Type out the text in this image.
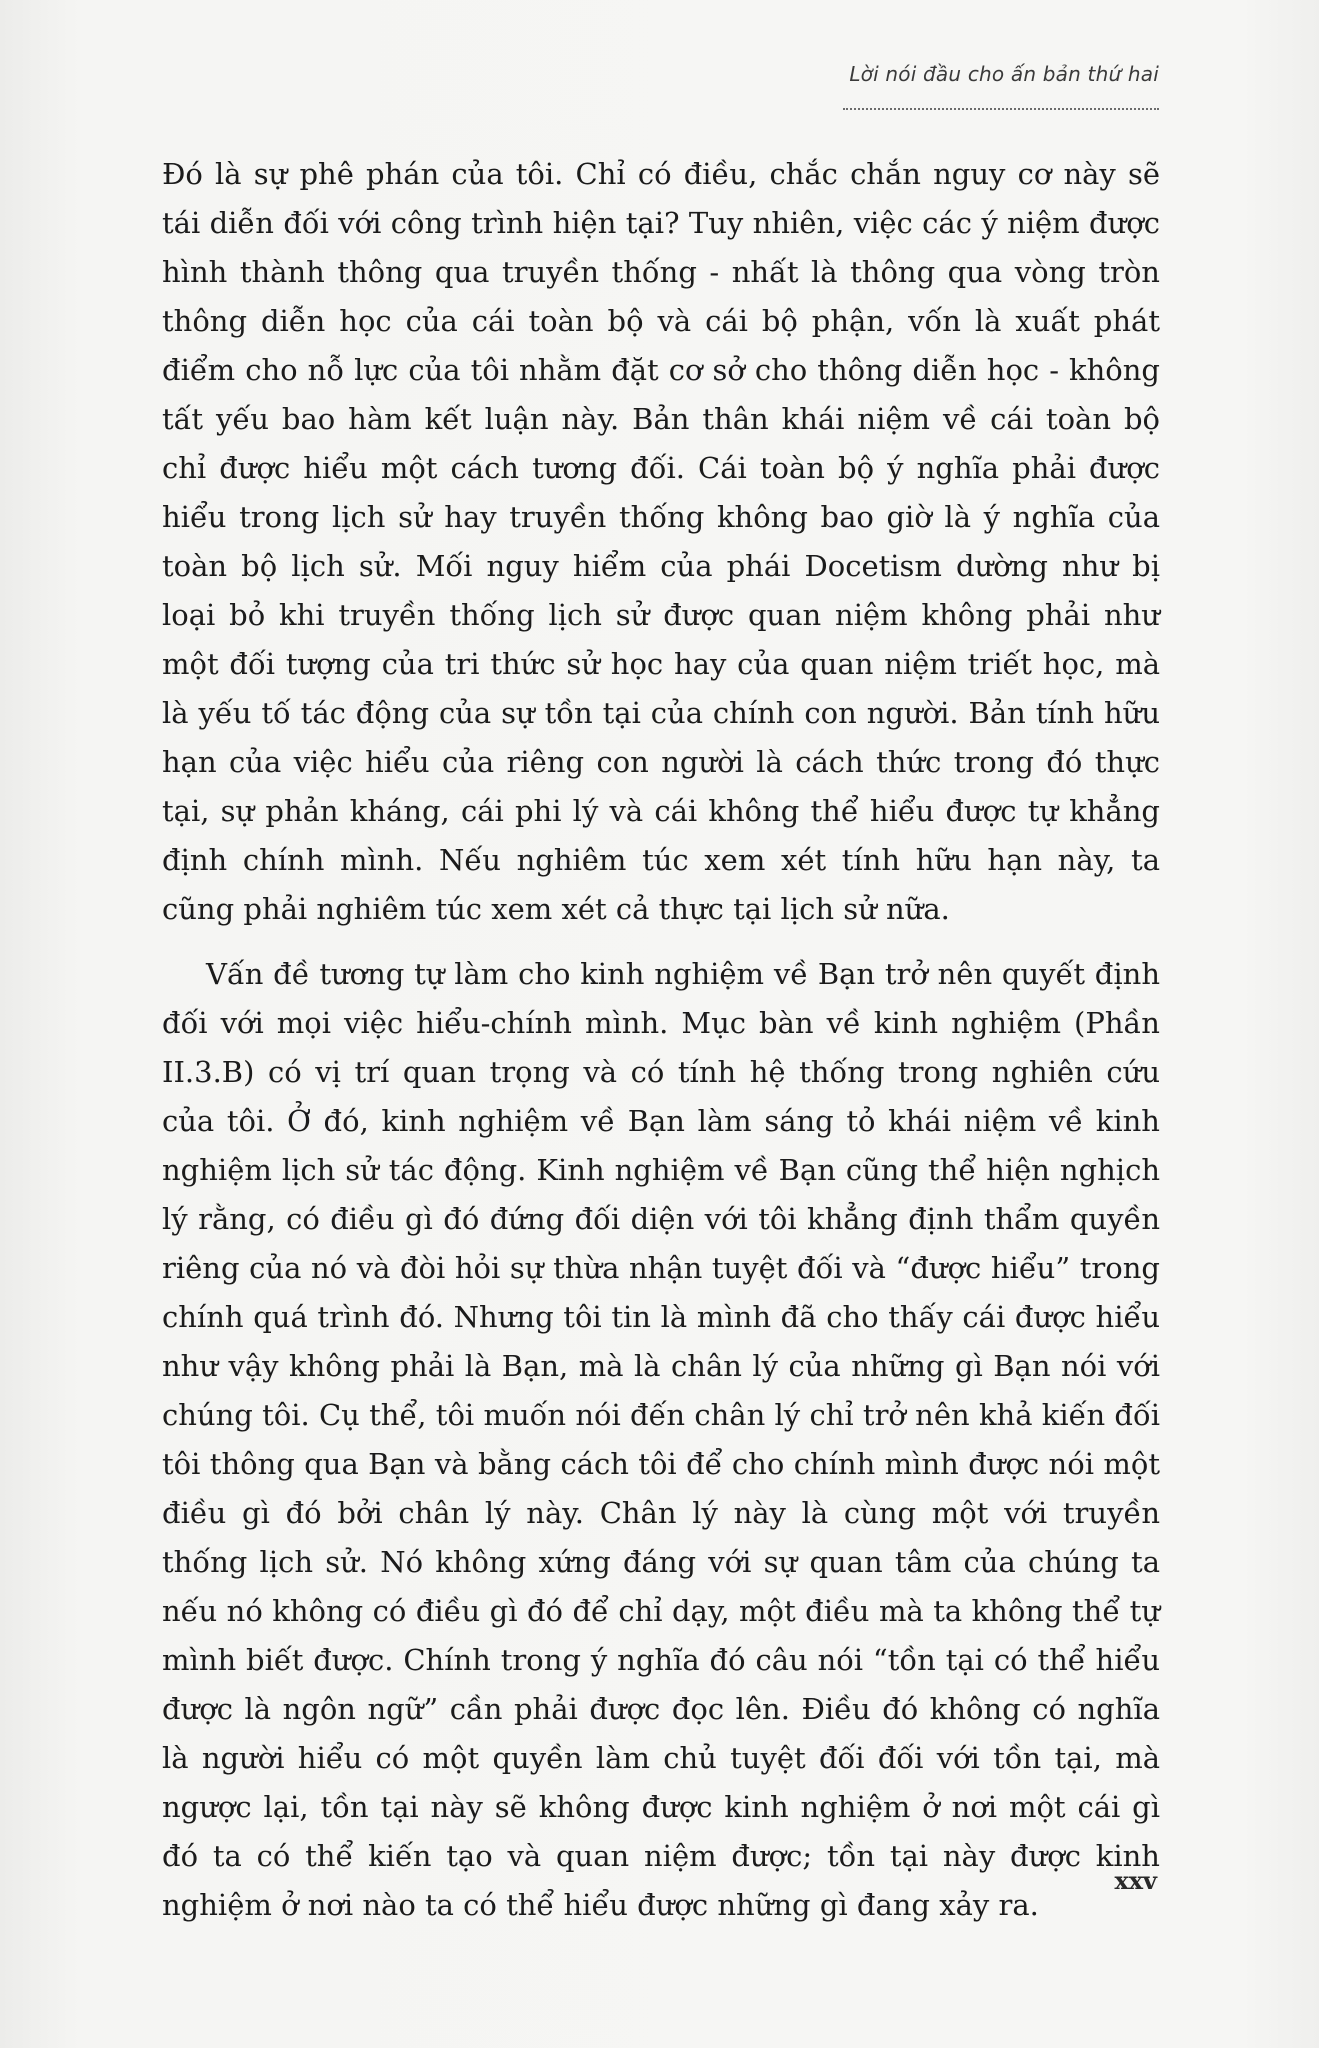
Lời nói đầu cho ấn bản thứ hai

Đó là sự phê phán của tôi. Chỉ có điều, chắc chắn nguy cơ này sẽ tái diễn đối với công trình hiện tại? Tuy nhiên, việc các ý niệm được hình thành thông qua truyền thống - nhất là thông qua vòng tròn thông diễn học của cái toàn bộ và cái bộ phận, vốn là xuất phát điểm cho nỗ lực của tôi nhằm đặt cơ sở cho thông diễn học - không tất yếu bao hàm kết luận này. Bản thân khái niệm về cái toàn bộ chỉ được hiểu một cách tương đối. Cái toàn bộ ý nghĩa phải được hiểu trong lịch sử hay truyền thống không bao giờ là ý nghĩa của toàn bộ lịch sử. Mối nguy hiểm của phái Docetism dường như bị loại bỏ khi truyền thống lịch sử được quan niệm không phải như một đối tượng của tri thức sử học hay của quan niệm triết học, mà là yếu tố tác động của sự tồn tại của chính con người. Bản tính hữu hạn của việc hiểu của riêng con người là cách thức trong đó thực tại, sự phản kháng, cái phi lý và cái không thể hiểu được tự khẳng định chính mình. Nếu nghiêm túc xem xét tính hữu hạn này, ta cũng phải nghiêm túc xem xét cả thực tại lịch sử nữa.

Vấn đề tương tự làm cho kinh nghiệm về Bạn trở nên quyết định đối với mọi việc hiểu-chính mình. Mục bàn về kinh nghiệm (Phần II.3.B) có vị trí quan trọng và có tính hệ thống trong nghiên cứu của tôi. Ở đó, kinh nghiệm về Bạn làm sáng tỏ khái niệm về kinh nghiệm lịch sử tác động. Kinh nghiệm về Bạn cũng thể hiện nghịch lý rằng, có điều gì đó đứng đối diện với tôi khẳng định thẩm quyền riêng của nó và đòi hỏi sự thừa nhận tuyệt đối và “được hiểu” trong chính quá trình đó. Nhưng tôi tin là mình đã cho thấy cái được hiểu như vậy không phải là Bạn, mà là chân lý của những gì Bạn nói với chúng tôi. Cụ thể, tôi muốn nói đến chân lý chỉ trở nên khả kiến đối tôi thông qua Bạn và bằng cách tôi để cho chính mình được nói một điều gì đó bởi chân lý này. Chân lý này là cùng một với truyền thống lịch sử. Nó không xứng đáng với sự quan tâm của chúng ta nếu nó không có điều gì đó để chỉ dạy, một điều mà ta không thể tự mình biết được. Chính trong ý nghĩa đó câu nói “tồn tại có thể hiểu được là ngôn ngữ” cần phải được đọc lên. Điều đó không có nghĩa là người hiểu có một quyền làm chủ tuyệt đối đối với tồn tại, mà ngược lại, tồn tại này sẽ không được kinh nghiệm ở nơi một cái gì đó ta có thể kiến tạo và quan niệm được; tồn tại này được kinh nghiệm ở nơi nào ta có thể hiểu được những gì đang xảy ra.

xxv
